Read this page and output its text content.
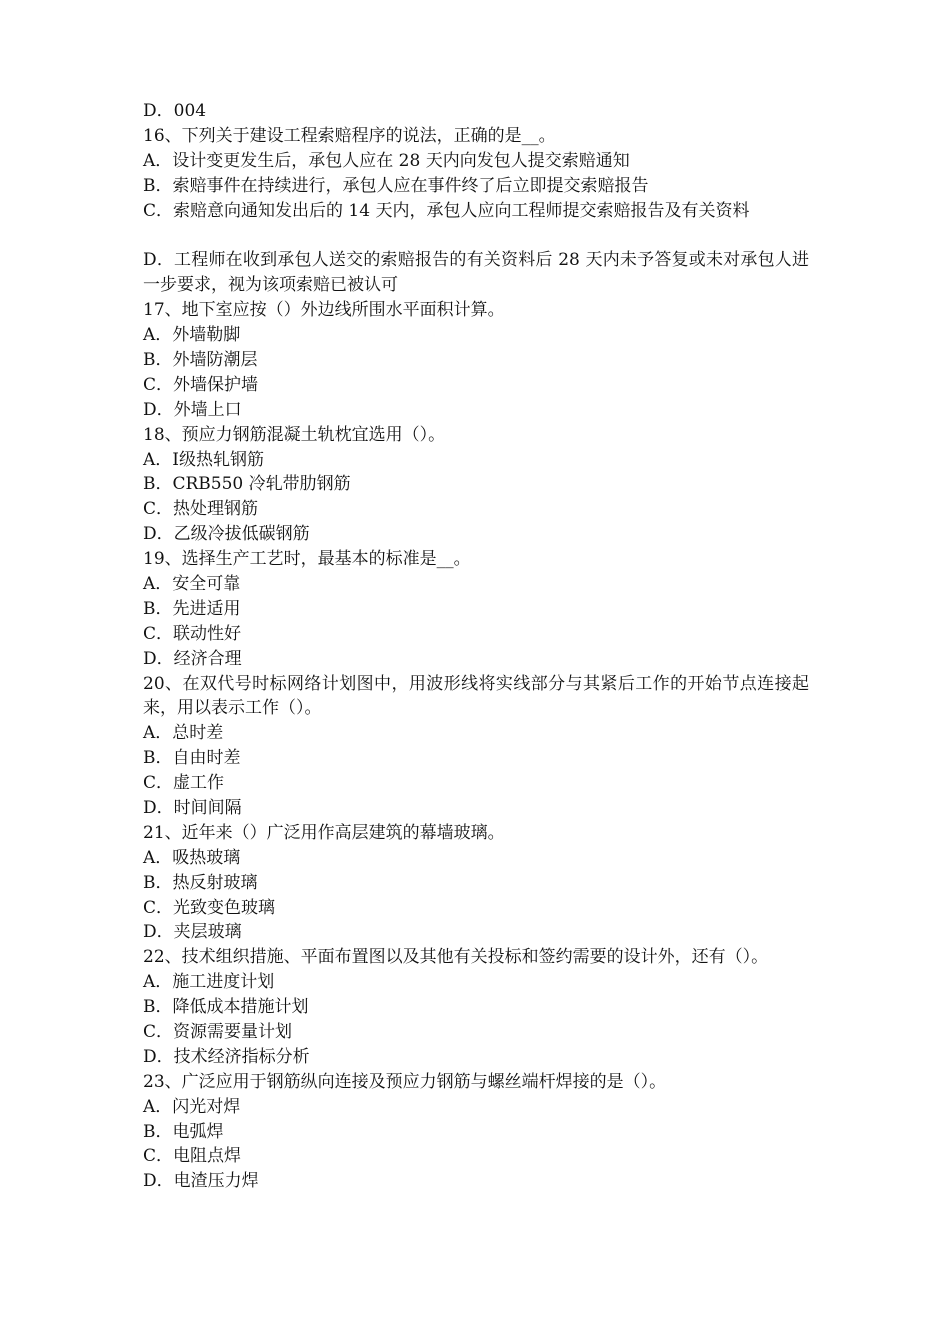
D．004
16、下列关于建设工程索赔程序的说法，正确的是__。
A．设计变更发生后，承包人应在 28 天内向发包人提交索赔通知
B．索赔事件在持续进行，承包人应在事件终了后立即提交索赔报告
C．索赔意向通知发出后的 14 天内，承包人应向工程师提交索赔报告及有关资料
D．工程师在收到承包人送交的索赔报告的有关资料后 28 天内未予答复或未对承包人进一步要求，视为该项索赔已被认可
17、地下室应按（）外边线所围水平面积计算。
A．外墙勒脚
B．外墙防潮层
C．外墙保护墙
D．外墙上口
18、预应力钢筋混凝土轨枕宜选用（）。
A．Ⅰ级热轧钢筋
B．CRB550 冷轧带肋钢筋
C．热处理钢筋
D．乙级冷拔低碳钢筋
19、选择生产工艺时，最基本的标准是__。
A．安全可靠
B．先进适用
C．联动性好
D．经济合理
20、在双代号时标网络计划图中，用波形线将实线部分与其紧后工作的开始节点连接起来，用以表示工作（）。
A．总时差
B．自由时差
C．虚工作
D．时间间隔
21、近年来（）广泛用作高层建筑的幕墙玻璃。
A．吸热玻璃
B．热反射玻璃
C．光致变色玻璃
D．夹层玻璃
22、技术组织措施、平面布置图以及其他有关投标和签约需要的设计外，还有（）。
A．施工进度计划
B．降低成本措施计划
C．资源需要量计划
D．技术经济指标分析
23、广泛应用于钢筋纵向连接及预应力钢筋与螺丝端杆焊接的是（）。
A．闪光对焊
B．电弧焊
C．电阻点焊
D．电渣压力焊
